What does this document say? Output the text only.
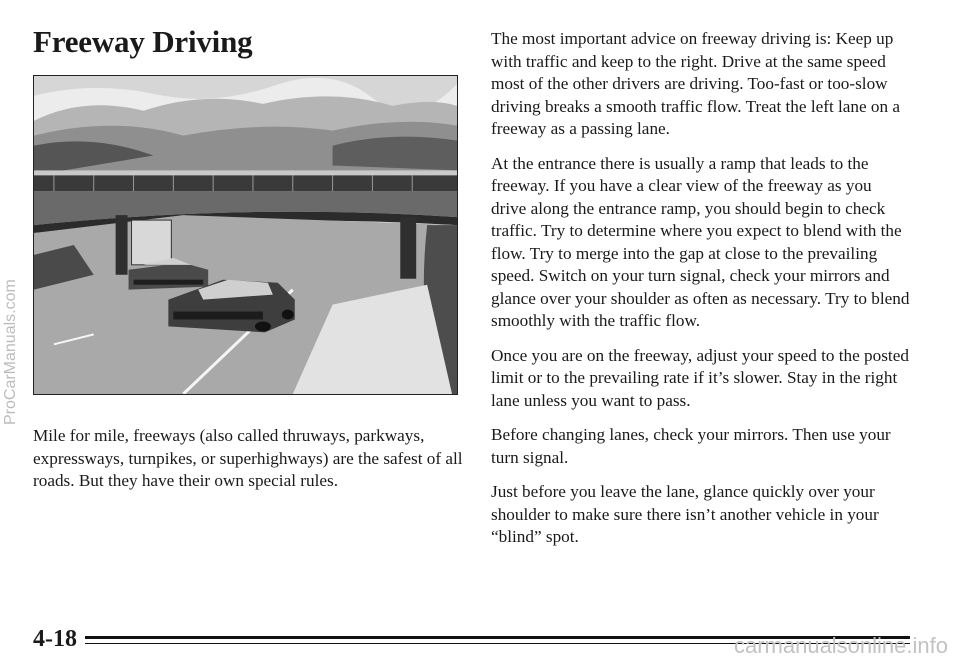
Freeway Driving

Mile for mile, freeways (also called thruways, parkways, expressways, turnpikes, or superhighways) are the safest of all roads. But they have their own special rules.

The most important advice on freeway driving is: Keep up with traffic and keep to the right. Drive at the same speed most of the other drivers are driving. Too-fast or too-slow driving breaks a smooth traffic flow. Treat the left lane on a freeway as a passing lane.

At the entrance there is usually a ramp that leads to the freeway. If you have a clear view of the freeway as you drive along the entrance ramp, you should begin to check traffic. Try to determine where you expect to blend with the flow. Try to merge into the gap at close to the prevailing speed. Switch on your turn signal, check your mirrors and glance over your shoulder as often as necessary. Try to blend smoothly with the traffic flow.

Once you are on the freeway, adjust your speed to the posted limit or to the prevailing rate if it’s slower. Stay in the right lane unless you want to pass.

Before changing lanes, check your mirrors. Then use your turn signal.

Just before you leave the lane, glance quickly over your shoulder to make sure there isn’t another vehicle in your “blind” spot.

4-18
ProCarManuals.com
carmanualsonline.info
